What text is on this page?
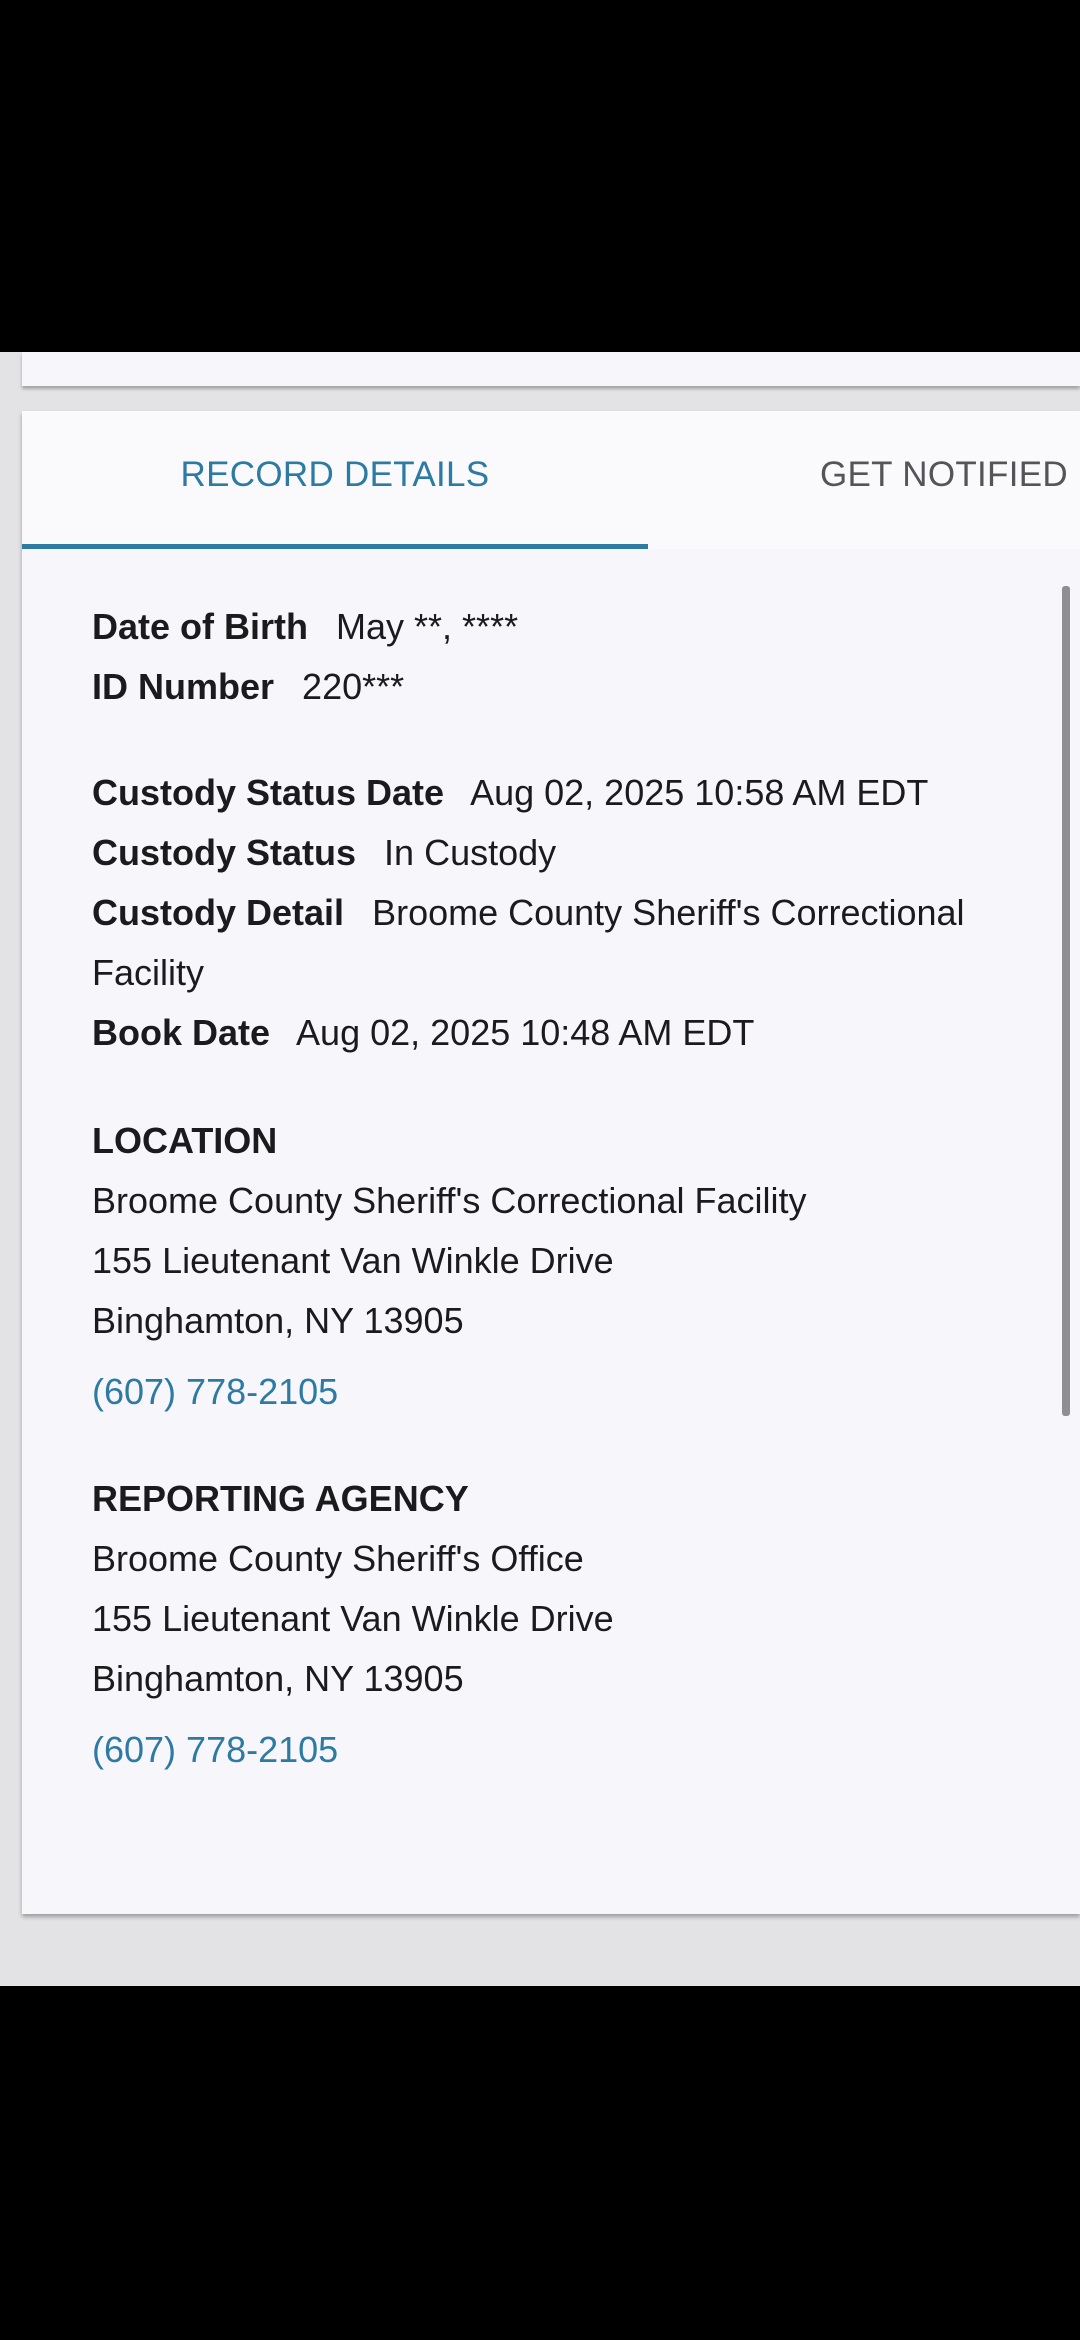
RECORD DETAILS	GET NOTIFIED
Date of Birth May **, ****
ID Number 220***
Custody Status Date Aug 02, 2025 10:58 AM EDT
Custody Status In Custody
Custody Detail Broome County Sheriff's Correctional
Facility
Book Date Aug 02, 2025 10:48 AM EDT
LOCATION
Broome County Sheriff's Correctional Facility
155 Lieutenant Van Winkle Drive
Binghamton, NY 13905
(607) 778-2105
REPORTING AGENCY
Broome County Sheriff's Office
155 Lieutenant Van Winkle Drive
Binghamton, NY 13905
(607) 778-2105
